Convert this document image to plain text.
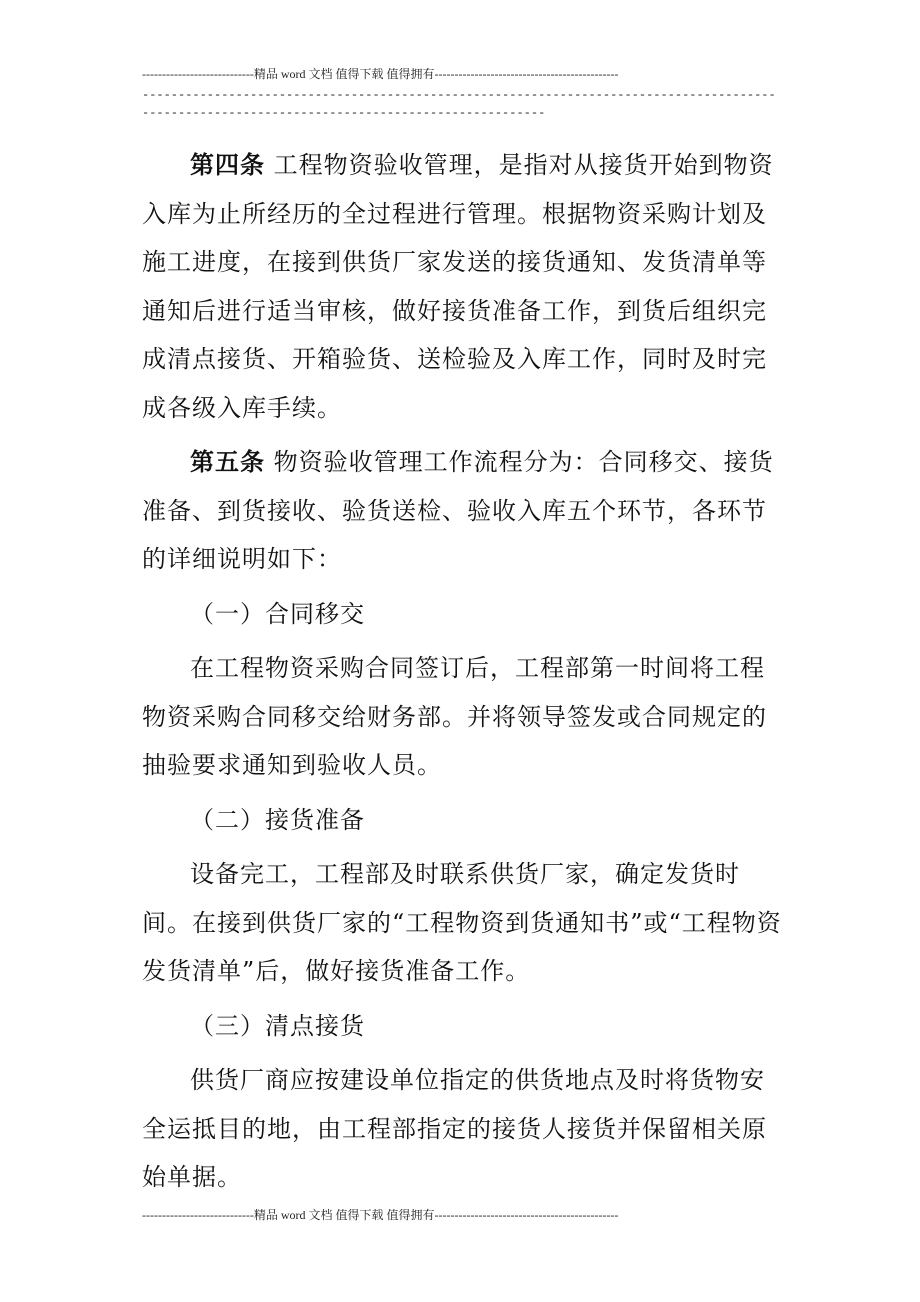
----------------------------精品 word 文档 值得下载 值得拥有----------------------------------------------
------------------------------------------------------------------------------------------------------------------------------------------------
zixin

第四条 工程物资验收管理，是指对从接货开始到物资入库为止所经历的全过程进行管理。根据物资采购计划及施工进度，在接到供货厂家发送的接货通知、发货清单等通知后进行适当审核，做好接货准备工作，到货后组织完成清点接货、开箱验货、送检验及入库工作，同时及时完成各级入库手续。

第五条 物资验收管理工作流程分为：合同移交、接货准备、到货接收、验货送检、验收入库五个环节，各环节的详细说明如下：

（一）合同移交

在工程物资采购合同签订后，工程部第一时间将工程物资采购合同移交给财务部。并将领导签发或合同规定的抽验要求通知到验收人员。

（二）接货准备

设备完工，工程部及时联系供货厂家，确定发货时间。在接到供货厂家的“工程物资到货通知书”或“工程物资发货清单”后，做好接货准备工作。

（三）清点接货

供货厂商应按建设单位指定的供货地点及时将货物安全运抵目的地，由工程部指定的接货人接货并保留相关原始单据。

----------------------------精品 word 文档 值得下载 值得拥有----------------------------------------------
